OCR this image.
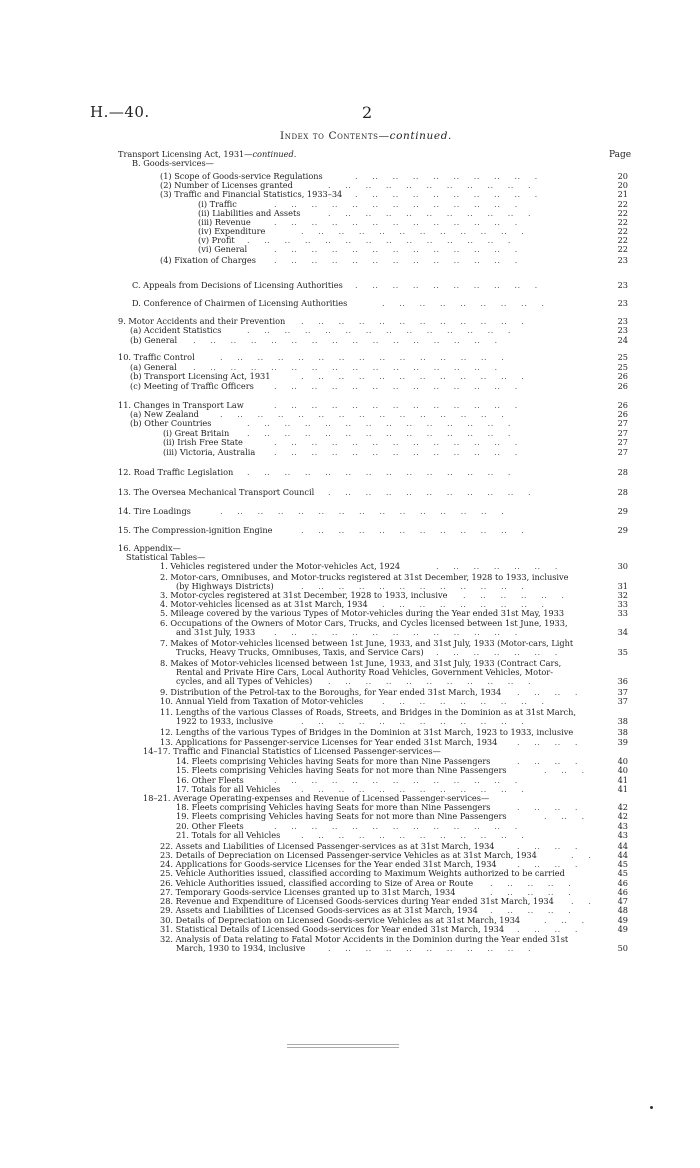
H.—40.	2
Index to Contents—continued.
Page
Transport Licensing Act, 1931—continued.
B. Goods-services—
(1) Scope of Goods-service Regulations	. .. .. .. .. .. .. .. .. .	20
(2) Number of Licenses granted	. .. .. .. .. .. .. .. .. .. .	20
(3) Traffic and Financial Statistics, 1933–34 . .. .. .. .. .. .. .. .. .	21
(i) Traffic	. .. .. .. .. .. .. .. .. .. .. .. .	22
(ii) Liabilities and Assets	. .. .. .. .. .. .. .. .. .. .	22
(iii) Revenue	. .. .. .. .. .. .. .. .. .. .. .. .	22
(iv) Expenditure	. .. .. .. .. .. .. .. .. .. .. .	22
(v) Profit . .. .. .. .. .. .. .. .. .. .. .. .. .	22
(vi) General	. .. .. .. .. .. .. .. .. .. .. .. .	22
(4) Fixation of Charges . .. .. .. .. .. .. .. .. .. .. .. .	23
C. Appeals from Decisions of Licensing Authorities . .. .. .. .. .. .. .. .. .	23
D. Conference of Chairmen of Licensing Authorities	. .. .. .. .. .. .. .. .	23
9. Motor Accidents and their Prevention . .. .. .. .. .. .. .. .. .. .. .	23
(a) Accident Statistics	. .. .. .. .. .. .. .. .. .. .. .. .. .	23
(b) General . .. .. .. .. .. .. .. .. .. .. .. .. .. .. .	24
10. Traffic Control	. .. .. .. .. .. .. .. .. .. .. .. .. .. .	25
(a) General . .. .. .. .. .. .. .. .. .. .. .. .. .. .. .	25
(b) Transport Licensing Act, 1931	. .. .. .. .. .. .. .. .. .. .. .	26
(c) Meeting of Traffic Officers . .. .. .. .. .. .. .. .. .. .. .. .	26
11. Changes in Transport Law	. .. .. .. .. .. .. .. .. .. .. .. .	26
(a) New Zealand	. .. .. .. .. .. .. .. .. .. .. .. .. .. .	26
(b) Other Countries	. .. .. .. .. .. .. .. .. .. .. .. .. .	27
(i) Great Britain . .. .. .. .. .. .. .. .. .. .. .. .. .	27
(ii) Irish Free State	. .. .. .. .. .. .. .. .. .. .. .. .	27
(iii) Victoria, Australia . .. .. .. .. .. .. .. .. .. .. .. .	27
12. Road Traffic Legislation . .. .. .. .. .. .. .. .. .. .. .. .. .	28
13. The Oversea Mechanical Transport Council . .. .. .. .. .. .. .. .. .. .	28
14. Tire Loadings	. .. .. .. .. .. .. .. .. .. .. .. .. .. .	29
15. The Compression-ignition Engine	. .. .. .. .. .. .. .. .. .. .. .	29
16. Appendix—
Statistical Tables—
1. Vehicles registered under the Motor-vehicles Act, 1924	. .. .. .. .. .. .	30
2. Motor-cars, Omnibuses, and Motor-trucks registered at 31st December, 1928 to 1933, inclusive
(by Highways Districts)	. .. .. .. .. .. .. .. .. .. .. .	31
3. Motor-cycles registered at 31st December, 1928 to 1933, inclusive . .. .. .. .. .	32
4. Motor-vehicles licensed as at 31st March, 1934 . .. .. .. .. .. .. .. .	33
5. Mileage covered by the various Types of Motor-vehicles during the Year ended 31st May, 1933	33
6. Occupations of the Owners of Motor Cars, Trucks, and Cycles licensed between 1st June, 1933,
and 31st July, 1933 . .. .. .. .. .. .. .. .. .. .. .. .	34
7. Makes of Motor-vehicles licensed between 1st June, 1933, and 31st July, 1933 (Motor-cars, Light
Trucks, Heavy Trucks, Omnibuses, Taxis, and Service Cars) . .. .. .. .. .. .	35
8. Makes of Motor-vehicles licensed between 1st June, 1933, and 31st July, 1933 (Contract Cars,
Rental and Private Hire Cars, Local Authority Road Vehicles, Government Vehicles, Motor-
cycles, and all Types of Vehicles) . .. .. .. .. .. .. .. .. .. .	36
9. Distribution of the Petrol-tax to the Boroughs, for Year ended 31st March, 1934 . .. .. .	37
10. Annual Yield from Taxation of Motor-vehicles . .. .. .. .. .. .. .. .	37
11. Lengths of the various Classes of Roads, Streets, and Bridges in the Dominion as at 31st March,
1922 to 1933, inclusive	. .. .. .. .. .. .. .. .. .. .. .	38
12. Lengths of the various Types of Bridges in the Dominion at 31st March, 1923 to 1933, inclusive	38
13. Applications for Passenger-service Licenses for Year ended 31st March, 1934 . .. .. .	39
14–17. Traffic and Financial Statistics of Licensed Passenger-services—
14. Fleets comprising Vehicles having Seats for more than Nine Passengers	. .. .. .	40
15. Fleets comprising Vehicles having Seats for not more than Nine Passengers	. .. .	40
16. Other Fleets	. .. .. .. .. .. .. .. .. .. .. .. .	41
17. Totals for all Vehicles	. .. .. .. .. .. .. .. .. .. .. .	41
18–21. Average Operating-expenses and Revenue of Licensed Passenger-services—
18. Fleets comprising Vehicles having Seats for more than Nine Passengers	. .. .. .	42
19. Fleets comprising Vehicles having Seats for not more than Nine Passengers	. .. .	42
20. Other Fleets	. .. .. .. .. .. .. .. .. .. .. .. .	43
21. Totals for all Vehicles	. .. .. .. .. .. .. .. .. .. .. .	43
22. Assets and Liabilities of Licensed Passenger-services as at 31st March, 1934	. .. .. .	44
23. Details of Depreciation on Licensed Passenger-service Vehicles as at 31st March, 1934	. .	44
24. Applications for Goods-service Licenses for the Year ended 31st March, 1934 . .. .. .	45
25. Vehicle Authorities issued, classified according to Maximum Weights authorized to be carried	45
26. Vehicle Authorities issued, classified according to Size of Area or Route . .. .. .. .	46
27. Temporary Goods-service Licenses granted up to 31st March, 1934	. .. .. .. .	46
28. Revenue and Expenditure of Licensed Goods-services during Year ended 31st March, 1934 . .	47
29. Assets and Liabilities of Licensed Goods-services as at 31st March, 1934 . .. .. .. .	48
30. Details of Depreciation on Licensed Goods-service Vehicles as at 31st March, 1934	. .. .	49
31. Statistical Details of Licensed Goods-services for Year ended 31st March, 1934 . .. .. .	49
32. Analysis of Data relating to Fatal Motor Accidents in the Dominion during the Year ended 31st
March, 1930 to 1934, inclusive	. .. .. .. .. .. .. .. .. .. .	50
